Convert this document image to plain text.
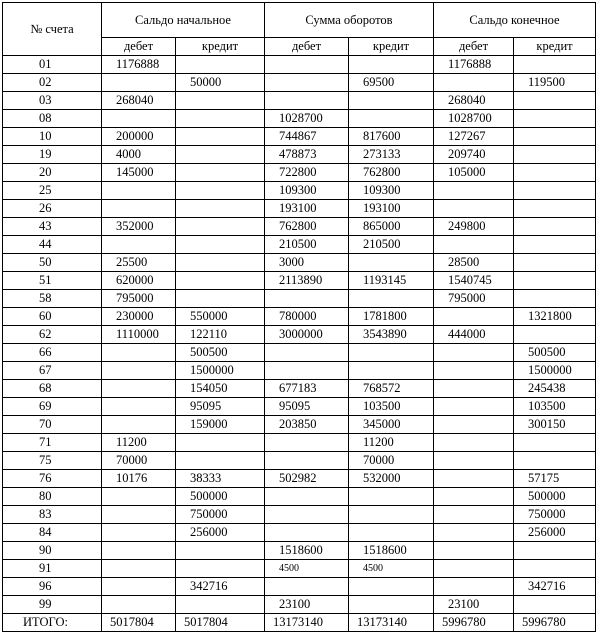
№ счета	Сальдо начальное		Сумма оборотов		Сальдо конечное	
	дебет	кредит	дебет	кредит	дебет	кредит
01	1176888				1176888	
02		50000		69500		119500
03	268040				268040	
08			1028700		1028700	
10	200000		744867	817600	127267	
19	4000		478873	273133	209740	
20	145000		722800	762800	105000	
25			109300	109300		
26			193100	193100		
43	352000		762800	865000	249800	
44			210500	210500		
50	25500		3000		28500	
51	620000		2113890	1193145	1540745	
58	795000				795000	
60	230000	550000	780000	1781800		1321800
62	1110000	122110	3000000	3543890	444000	
66		500500				500500
67		1500000				1500000
68		154050	677183	768572		245438
69		95095	95095	103500		103500
70		159000	203850	345000		300150
71	11200			11200		
75	70000			70000		
76	10176	38333	502982	532000		57175
80		500000				500000
83		750000				750000
84		256000				256000
90			1518600	1518600		
91			4500	4500		
96		342716				342716
99			23100		23100	
ИТОГО:	5017804	5017804	13173140	13173140	5996780	5996780
